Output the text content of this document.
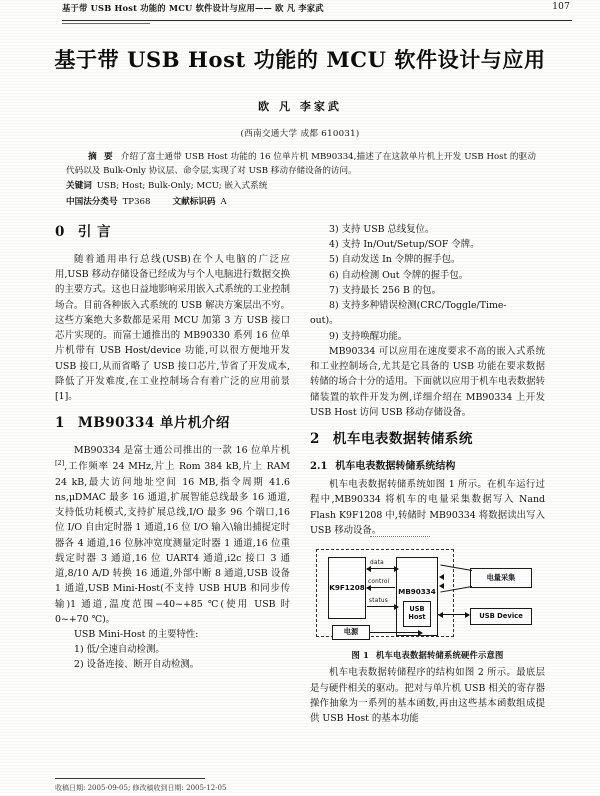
基于带 USB Host 功能的 MCU 软件设计与应用—— 欧 凡 李家武	107
基于带 USB Host 功能的 MCU 软件设计与应用
欧 凡 李家武
(西南交通大学 成都 610031)

摘 要 介绍了富士通带 USB Host 功能的 16 位单片机 MB90334,描述了在这款单片机上开发 USB Host 的驱动代码以及 Bulk-Only 协议层、命令层,实现了对 USB 移动存储设备的访问。

关键词 USB; Host; Bulk-Only; MCU; 嵌入式系统

中国法分类号 TP368	文献标识码 A

0 引 言

随着通用串行总线(USB)在个人电脑的广泛应用,USB 移动存储设备已经成为与个人电脑进行数据交换的主要方式。这也日益地影响采用嵌入式系统的工业控制场合。目前各种嵌入式系统的 USB 解决方案层出不穷。这些方案绝大多数都是采用 MCU 加第 3 方 USB 接口芯片实现的。而富士通推出的 MB90330 系列 16 位单片机带有 USB Host/device 功能,可以很方便地开发 USB 接口,从而省略了 USB 接口芯片,节省了开发成本,降低了开发难度,在工业控制场合有着广泛的应用前景[1]。

1 MB90334 单片机介绍

MB90334 是富士通公司推出的一款 16 位单片机[2],工作频率 24 MHz,片上 Rom 384 kB,片上 RAM 24 kB,最大访问地址空间 16 MB,指令周期 41.6 ns,μDMAC 最多 16 通道,扩展智能总线最多 16 通道,支持低功耗模式,支持扩展总线,I/O 最多 96 个端口,16 位 I/O 自由定时器 1 通道,16 位 I/O 输入\输出捕捉定时器各 4 通道,16 位脉冲宽度测量定时器 1 通道,16 位重载定时器 3 通道,16 位 UART4 通道,i2c 接口 3 通道,8/10 A/D 转换 16 通道,外部中断 8 通道,USB 设备 1 通道,USB Mini-Host(不支持 USB HUB 和同步传输)1 通道,温度范围−40~+85 ℃(使用 USB 时 0~+70 ℃)。

USB Mini-Host 的主要特性:

1) 低/全速自动检测。

2) 设备连接、断开自动检测。

3) 支持 USB 总线复位。

4) 支持 In/Out/Setup/SOF 令牌。

5) 自动发送 In 令牌的握手包。

6) 自动检测 Out 令牌的握手包。

7) 支持最长 256 B 的包。

8) 支持多种错误检测(CRC/Toggle/Time-

out)。

9) 支持唤醒功能。

MB90334 可以应用在速度要求不高的嵌入式系统和工业控制场合,尤其是它具备的 USB 功能在要求数据转储的场合十分的适用。下面就以应用于机车电表数据转储装置的软件开发为例,详细介绍在 MB90334 上开发 USB Host 访问 USB 移动存储设备。

2 机车电表数据转储系统
2.1 机车电表数据转储系统结构

机车电表数据转储系统如图 1 所示。在机车运行过程中,MB90334 将机车的电量采集数据写入 Nand Flash K9F1208 中,转储时 MB90334 将数据读出写入 USB 移动设备。

K9F1208	MB90334
USB
Host
电源
电量采集
USB Device
data
control
status
图 1 机车电表数据转储系统硬件示意图

机车电表数据转储程序的结构如图 2 所示。最底层是与硬件相关的驱动。把对与单片机 USB 相关的寄存器操作抽象为一系列的基本函数,再由这些基本函数组成提供 USB Host 的基本功能

收稿日期: 2005-09-05; 修改稿收到日期: 2005-12-05
